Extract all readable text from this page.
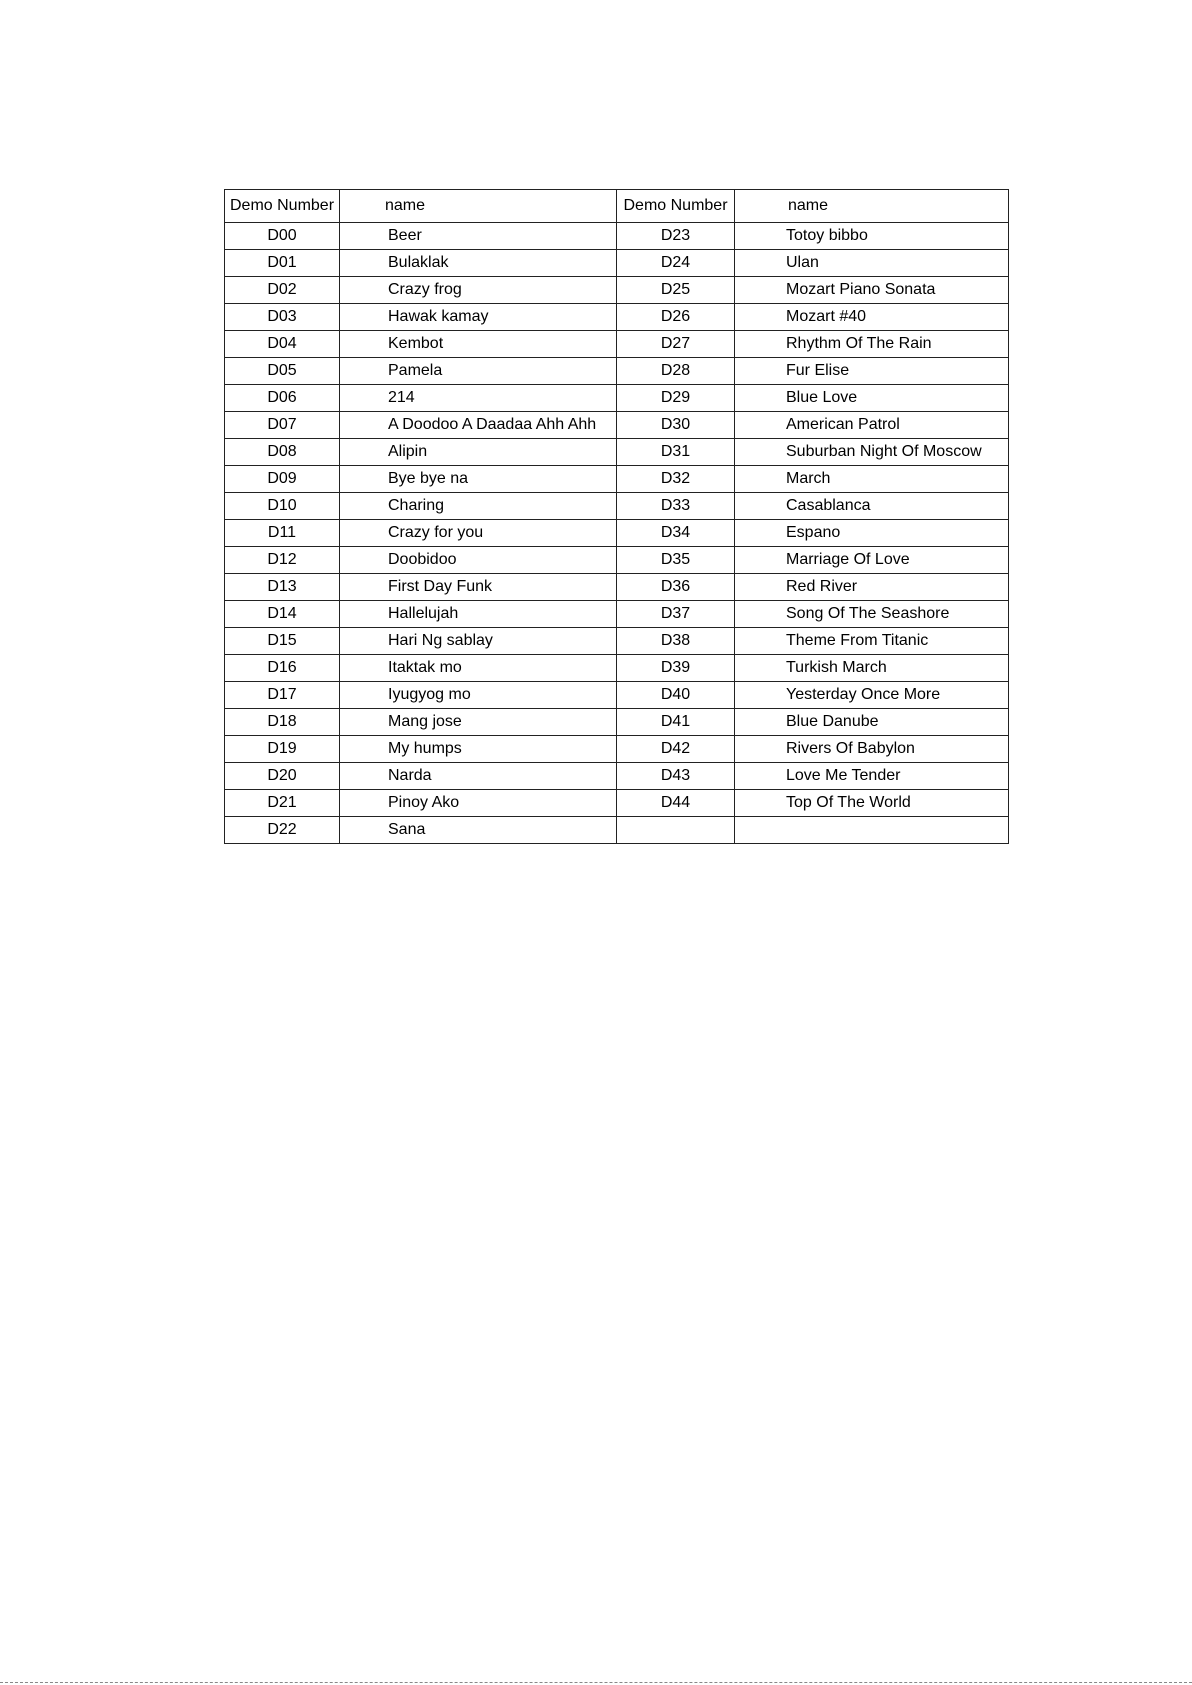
Demo Number	name	Demo Number	name
D00	Beer	D23	Totoy bibbo
D01	Bulaklak	D24	Ulan
D02	Crazy frog	D25	Mozart Piano Sonata
D03	Hawak kamay	D26	Mozart #40
D04	Kembot	D27	Rhythm Of The Rain
D05	Pamela	D28	Fur Elise
D06	214	D29	Blue Love
D07	A Doodoo A Daadaa Ahh Ahh	D30	American Patrol
D08	Alipin	D31	Suburban Night Of Moscow
D09	Bye bye na	D32	March
D10	Charing	D33	Casablanca
D11	Crazy for you	D34	Espano
D12	Doobidoo	D35	Marriage Of Love
D13	First Day Funk	D36	Red River
D14	Hallelujah	D37	Song Of The Seashore
D15	Hari Ng sablay	D38	Theme From Titanic
D16	Itaktak mo	D39	Turkish March
D17	Iyugyog mo	D40	Yesterday Once More
D18	Mang jose	D41	Blue Danube
D19	My humps	D42	Rivers Of Babylon
D20	Narda	D43	Love Me Tender
D21	Pinoy Ako	D44	Top Of The World
D22	Sana		
